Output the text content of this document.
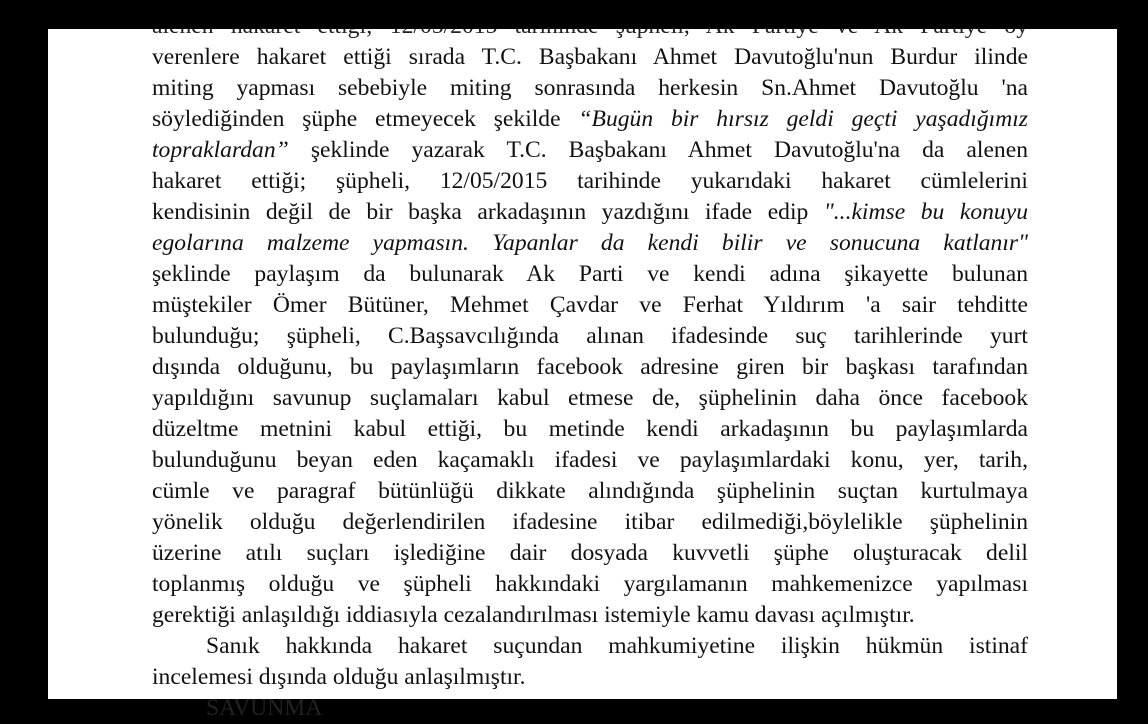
verenlere hakaret ettiği sırada T.C. Başbakanı Ahmet Davutoğlu'nun Burdur ilinde
miting yapması sebebiyle miting sonrasında herkesin Sn.Ahmet Davutoğlu 'na
söylediğinden şüphe etmeyecek şekilde “Bugün bir hırsız geldi geçti yaşadığımız
topraklardan” şeklinde yazarak T.C. Başbakanı Ahmet Davutoğlu'na da alenen
hakaret ettiği; şüpheli, 12/05/2015 tarihinde yukarıdaki hakaret cümlelerini
kendisinin değil de bir başka arkadaşının yazdığını ifade edip "...kimse bu konuyu
egolarına malzeme yapmasın. Yapanlar da kendi bilir ve sonucuna katlanır"
şeklinde paylaşım da bulunarak Ak Parti ve kendi adına şikayette bulunan
müştekiler Ömer Bütüner, Mehmet Çavdar ve Ferhat Yıldırım 'a sair tehditte
bulunduğu; şüpheli, C.Başsavcılığında alınan ifadesinde suç tarihlerinde yurt
dışında olduğunu, bu paylaşımların facebook adresine giren bir başkası tarafından
yapıldığını savunup suçlamaları kabul etmese de, şüphelinin daha önce facebook
düzeltme metnini kabul ettiği, bu metinde kendi arkadaşının bu paylaşımlarda
bulunduğunu beyan eden kaçamaklı ifadesi ve paylaşımlardaki konu, yer, tarih,
cümle ve paragraf bütünlüğü dikkate alındığında şüphelinin suçtan kurtulmaya
yönelik olduğu değerlendirilen ifadesine itibar edilmediği,böylelikle şüphelinin
üzerine atılı suçları işlediğine dair dosyada kuvvetli şüphe oluşturacak delil
toplanmış olduğu ve şüpheli hakkındaki yargılamanın mahkemenizce yapılması
gerektiği anlaşıldığı iddiasıyla cezalandırılması istemiyle kamu davası açılmıştır.
Sanık hakkında hakaret suçundan mahkumiyetine ilişkin hükmün istinaf
incelemesi dışında olduğu anlaşılmıştır.
SAVUNMA
